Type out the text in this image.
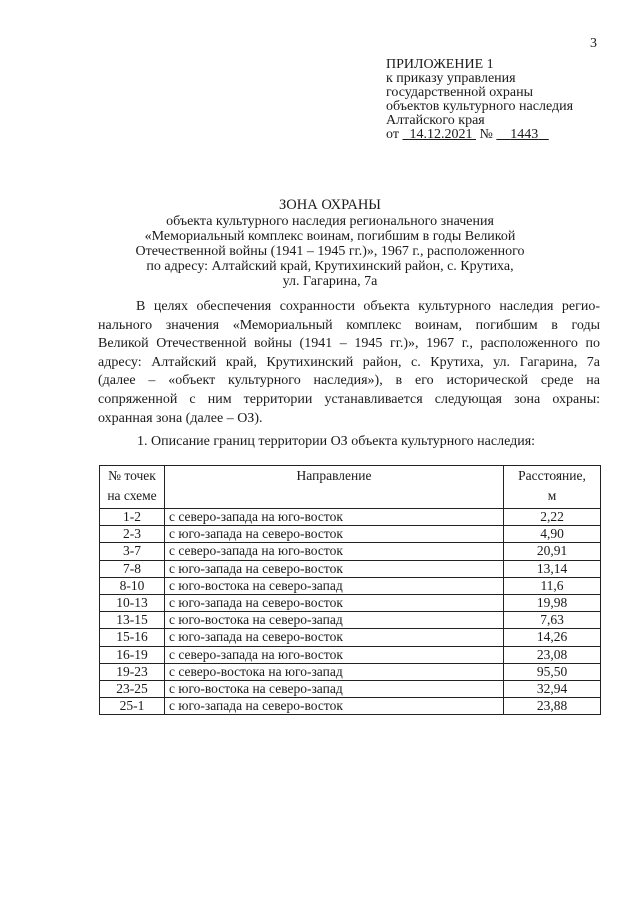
3
ПРИЛОЖЕНИЕ 1
к приказу управления
государственной охраны
объектов культурного наследия
Алтайского края
от 14.12.2021 № 1443
ЗОНА ОХРАНЫ
объекта культурного наследия регионального значения
«Мемориальный комплекс воинам, погибшим в годы Великой
Отечественной войны (1941 – 1945 гг.)», 1967 г., расположенного
по адресу: Алтайский край, Крутихинский район, с. Крутиха,
ул. Гагарина, 7а
В целях обеспечения сохранности объекта культурного наследия регио-
нального значения «Мемориальный комплекс воинам, погибшим в годы
Великой Отечественной войны (1941 – 1945 гг.)», 1967 г., расположенного по
адресу: Алтайский край, Крутихинский район, с. Крутиха, ул. Гагарина, 7а
(далее – «объект культурного наследия»), в его исторической среде на
сопряженной с ним территории устанавливается следующая зона охраны:
охранная зона (далее – ОЗ).
1. Описание границ территории ОЗ объекта культурного наследия:
№ точек
на схеме	Направление	Расстояние,
м
1-2	с северо-запада на юго-восток	2,22
2-3	с юго-запада на северо-восток	4,90
3-7	с северо-запада на юго-восток	20,91
7-8	с юго-запада на северо-восток	13,14
8-10	с юго-востока на северо-запад	11,6
10-13	с юго-запада на северо-восток	19,98
13-15	с юго-востока на северо-запад	7,63
15-16	с юго-запада на северо-восток	14,26
16-19	с северо-запада на юго-восток	23,08
19-23	с северо-востока на юго-запад	95,50
23-25	с юго-востока на северо-запад	32,94
25-1	с юго-запада на северо-восток	23,88
